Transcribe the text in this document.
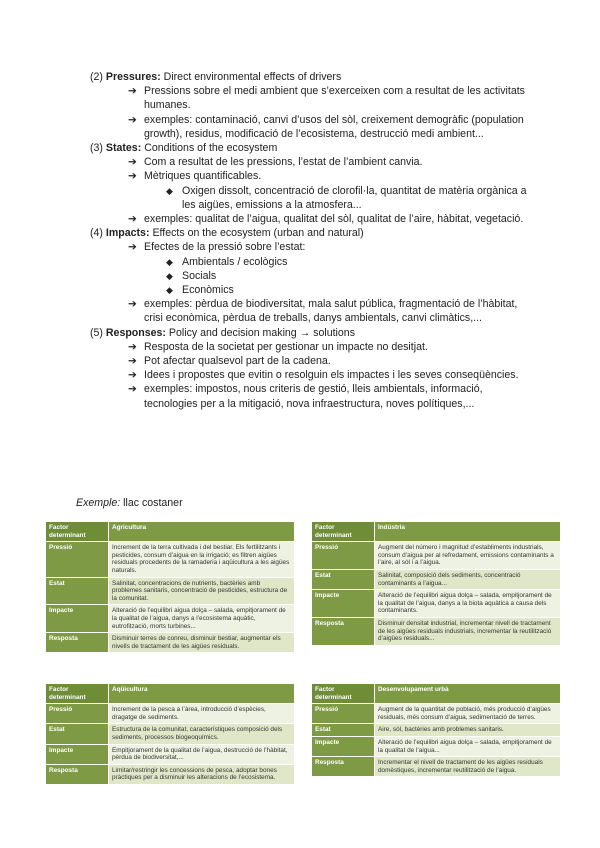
(2) Pressures: Direct environmental effects of drivers

➔ Pressions sobre el medi ambient que s’exerceixen com a resultat de les activitats humanes.

➔ exemples: contaminació, canvi d’usos del sòl, creixement demogràfic (population growth), residus, modificació de l’ecosistema, destrucció medi ambient...

(3) States: Conditions of the ecosystem

➔ Com a resultat de les pressions, l’estat de l’ambient canvia.

➔ Mètriques quantificables.

◆ Oxigen dissolt, concentració de clorofil·la, quantitat de matèria orgànica a les aigües, emissions a la atmosfera...

➔ exemples: qualitat de l’aigua, qualitat del sòl, qualitat de l’aire, hàbitat, vegetació.

(4) Impacts: Effects on the ecosystem (urban and natural)

➔ Efectes de la pressió sobre l’estat:

◆ Ambientals / ecològics

◆ Socials

◆ Econòmics

➔ exemples: pèrdua de biodiversitat, mala salut pública, fragmentació de l’hàbitat, crisi econòmica, pèrdua de treballs, danys ambientals, canvi climàtics,...

(5) Responses: Policy and decision making → solutions

➔ Resposta de la societat per gestionar un impacte no desitjat.

➔ Pot afectar qualsevol part de la cadena.

➔ Idees i propostes que evitin o resolguin els impactes i les seves conseqüències.

➔ exemples: impostos, nous criteris de gestió, lleis ambientals, informació, tecnologies per a la mitigació, nova infraestructura, noves polítiques,...

Exemple: llac costaner
Factor determinant	Agricultura
Pressió	Increment de la terra cultivada i del bestiar. Els fertilitzants i pesticides, consum d’aigua en la irrigació; es filtren aigües residuals procedents de la ramaderia i aqüicultura a les aigües naturals.
Estat	Salinitat, concentracions de nutrients, bactèries amb problemes sanitaris, concentració de pesticides, estructura de la comunitat.
Impacte	Alteració de l’equilibri aigua dolça – salada, empitjorament de la qualitat de l’aigua, danys a l’ecosistema aquàtic, eutrofització, morts turbines...
Resposta	Disminuir terres de conreu, disminuir bestiar, augmentar els nivells de tractament de les aigües residuals.
Factor determinant	Indústria
Pressió	Augment del número i magnitud d’establiments industrials, consum d’aigua per al refredament, emissions contaminants a l’aire, al sòl i a l’aigua.
Estat	Salinitat, composició dels sediments, concentració contaminants a l’aigua...
Impacte	Alteració de l’equilibri aigua dolça – salada, empitjorament de la qualitat de l’aigua, danys a la biota aquàtica a causa dels contaminants.
Resposta	Disminuir densitat industrial, incrementar nivell de tractament de les aigües residuals industrials, incrementar la reutilització d’aigües residuals...
Factor determinant	Aqüicultura
Pressió	Increment de la pesca a l’àrea, introducció d’espècies, dragatge de sediments.
Estat	Estructura de la comunitat, característiques composició dels sediments, processos biogeoquímics.
Impacte	Empitjorament de la qualitat de l’aigua, destrucció de l’hàbitat, pèrdua de biodiversitat,...
Resposta	Limitar/restringir les concessions de pesca, adoptar bones pràctiques per a disminuir les alteracions de l’ecosistema.
Factor determinant	Desenvolupament urbà
Pressió	Augment de la quantitat de població, més producció d’aigües residuals, més consum d’aigua, sedimentació de terres.
Estat	Aire, sòl, bactèries amb problemes sanitaris.
Impacte	Alteració de l’equilibri aigua dolça – salada, empitjorament de la qualitat de l’aigua...
Resposta	Incrementar el nivell de tractament de les aigües residuals domèstiques, incrementar reutilització de l’aigua.
